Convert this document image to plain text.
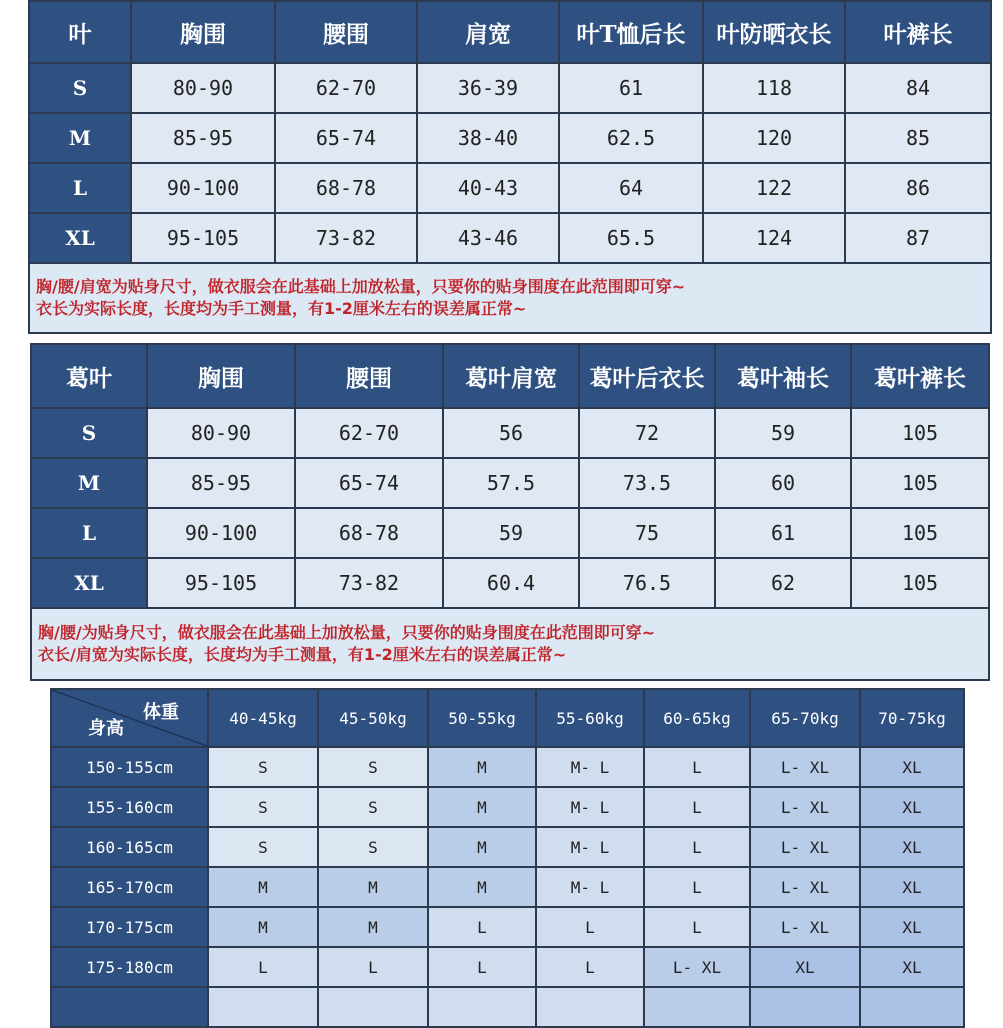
叶	胸围	腰围	肩宽	叶T恤后长	叶防晒衣长	叶裤长
S	80-90	62-70	36-39	61	118	84
M	85-95	65-74	38-40	62.5	120	85
L	90-100	68-78	40-43	64	122	86
XL	95-105	73-82	43-46	65.5	124	87

胸/腰/肩宽为贴身尺寸，做衣服会在此基础上加放松量，只要你的贴身围度在此范围即可穿~
衣长为实际长度，长度均为手工测量，有1-2厘米左右的误差属正常~						
葛叶	胸围	腰围	葛叶肩宽	葛叶后衣长	葛叶袖长	葛叶裤长
S	80-90	62-70	56	72	59	105
M	85-95	65-74	57.5	73.5	60	105
L	90-100	68-78	59	75	61	105
XL	95-105	73-82	60.4	76.5	62	105

胸/腰/为贴身尺寸，做衣服会在此基础上加放松量，只要你的贴身围度在此范围即可穿~
衣长/肩宽为实际长度，长度均为手工测量，有1-2厘米左右的误差属正常~						
体重
身高	40-45kg	45-50kg	50-55kg	55-60kg	60-65kg	65-70kg	70-75kg
150-155cm	S	S	M	M- L	L	L- XL	XL
155-160cm	S	S	M	M- L	L	L- XL	XL
160-165cm	S	S	M	M- L	L	L- XL	XL
165-170cm	M	M	M	M- L	L	L- XL	XL
170-175cm	M	M	L	L	L	L- XL	XL
175-180cm	L	L	L	L	L- XL	XL	XL
